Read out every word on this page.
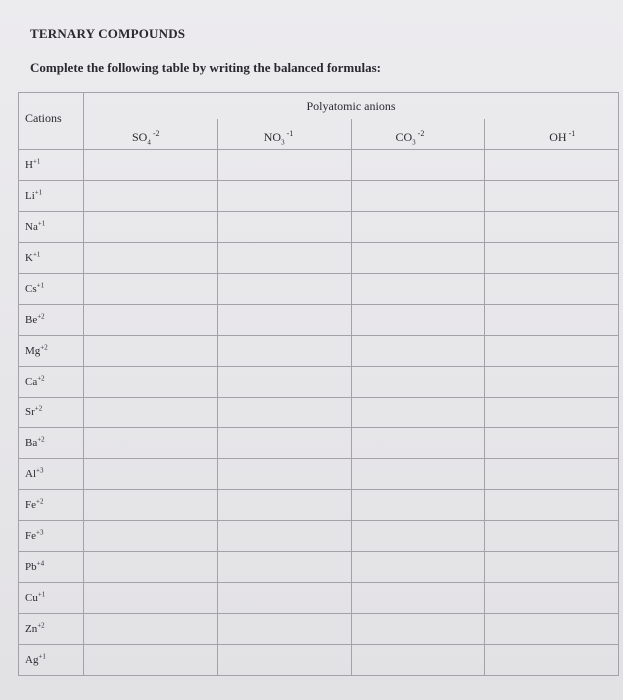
TERNARY COMPOUNDS
Complete the following table by writing the balanced formulas:
Cations	Polyatomic anions			
	$SO_4^{-2}$	$NO_3^{-1}$	$CO_3^{-2}$	OH $^{-1}$
$H^{+1}$				
$Li^{+1}$				
$Na^{+1}$				
$K^{+1}$				
$Cs^{+1}$				
$Be^{+2}$				
$Mg^{+2}$				
$Ca^{+2}$				
$Sr^{+2}$				
$Ba^{+2}$				
$Al^{+3}$				
$Fe^{+2}$				
$Fe^{+3}$				
$Pb^{+4}$				
$Cu^{+1}$				
$Zn^{+2}$				
$Ag^{+1}$				
